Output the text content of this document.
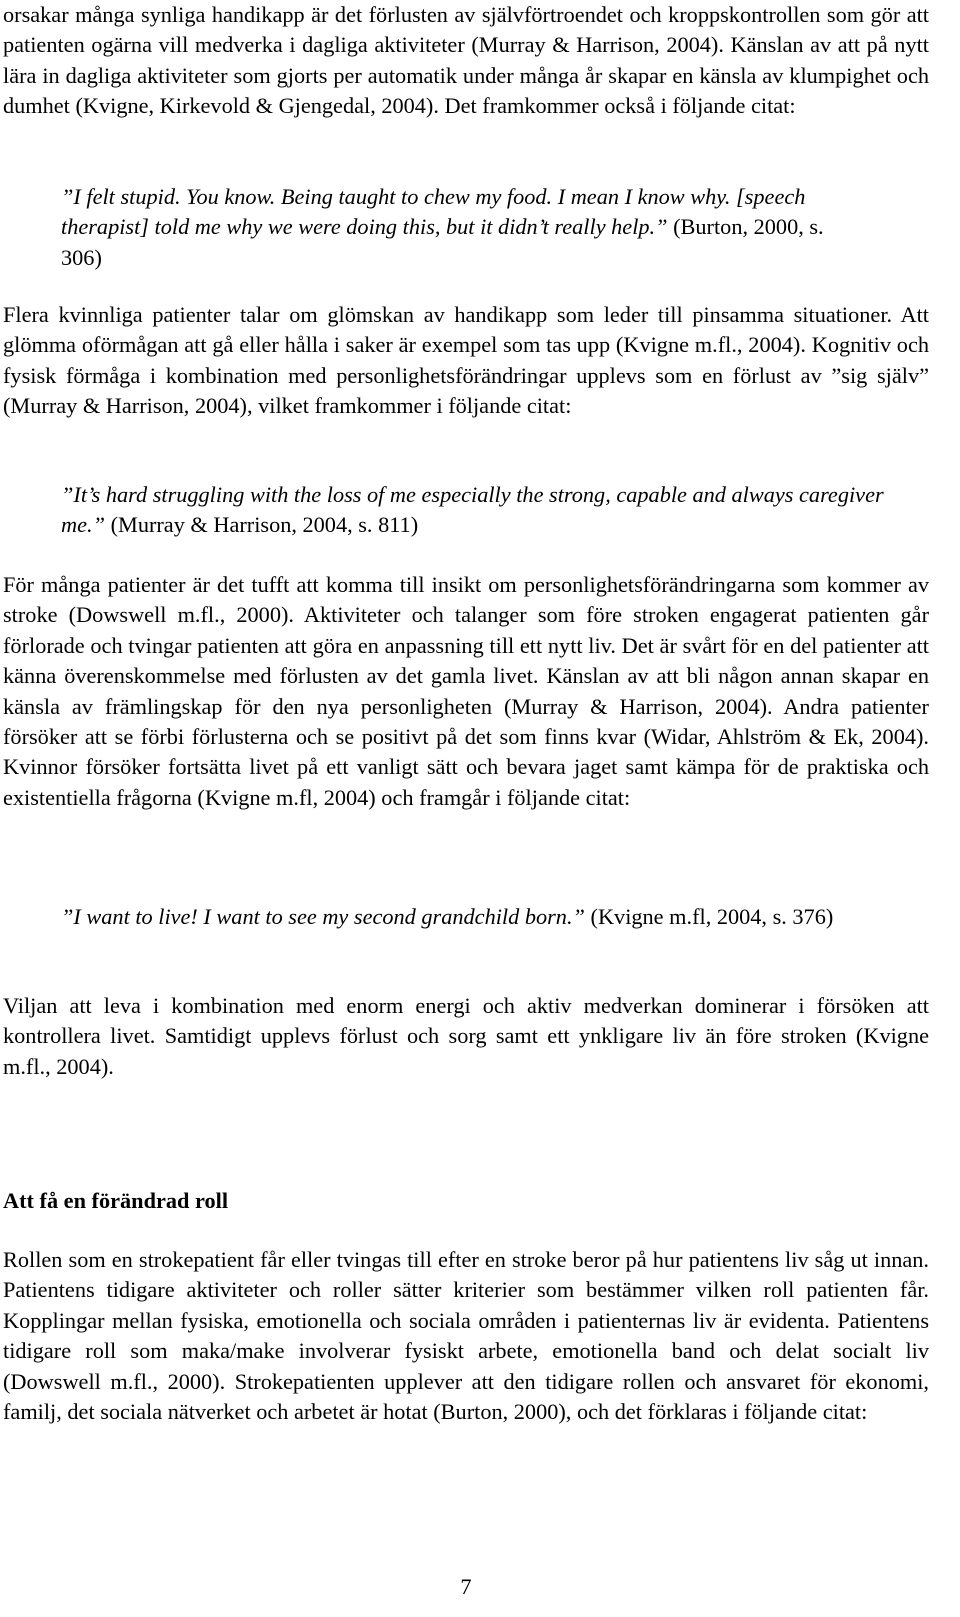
orsakar många synliga handikapp är det förlusten av självförtroendet och kroppskontrollen som gör att patienten ogärna vill medverka i dagliga aktiviteter (Murray & Harrison, 2004). Känslan av att på nytt lära in dagliga aktiviteter som gjorts per automatik under många år skapar en känsla av klumpighet och dumhet (Kvigne, Kirkevold & Gjengedal, 2004). Det framkommer också i följande citat:

”I felt stupid. You know. Being taught to chew my food. I mean I know why. [speech therapist] told me why we were doing this, but it didn’t really help.” (Burton, 2000, s. 306)

Flera kvinnliga patienter talar om glömskan av handikapp som leder till pinsamma situationer. Att glömma oförmågan att gå eller hålla i saker är exempel som tas upp (Kvigne m.fl., 2004). Kognitiv och fysisk förmåga i kombination med personlighetsförändringar upplevs som en förlust av ”sig själv” (Murray & Harrison, 2004), vilket framkommer i följande citat:

”It’s hard struggling with the loss of me especially the strong, capable and always caregiver me.” (Murray & Harrison, 2004, s. 811)

För många patienter är det tufft att komma till insikt om personlighetsförändringarna som kommer av stroke (Dowswell m.fl., 2000). Aktiviteter och talanger som före stroken engagerat patienten går förlorade och tvingar patienten att göra en anpassning till ett nytt liv. Det är svårt för en del patienter att känna överenskommelse med förlusten av det gamla livet. Känslan av att bli någon annan skapar en känsla av främlingskap för den nya personligheten (Murray & Harrison, 2004). Andra patienter försöker att se förbi förlusterna och se positivt på det som finns kvar (Widar, Ahlström & Ek, 2004). Kvinnor försöker fortsätta livet på ett vanligt sätt och bevara jaget samt kämpa för de praktiska och existentiella frågorna (Kvigne m.fl, 2004) och framgår i följande citat:

”I want to live! I want to see my second grandchild born.” (Kvigne m.fl, 2004, s. 376)

Viljan att leva i kombination med enorm energi och aktiv medverkan dominerar i försöken att kontrollera livet. Samtidigt upplevs förlust och sorg samt ett ynkligare liv än före stroken (Kvigne m.fl., 2004).

Att få en förändrad roll

Rollen som en strokepatient får eller tvingas till efter en stroke beror på hur patientens liv såg ut innan. Patientens tidigare aktiviteter och roller sätter kriterier som bestämmer vilken roll patienten får. Kopplingar mellan fysiska, emotionella och sociala områden i patienternas liv är evidenta. Patientens tidigare roll som maka/make involverar fysiskt arbete, emotionella band och delat socialt liv (Dowswell m.fl., 2000). Strokepatienten upplever att den tidigare rollen och ansvaret för ekonomi, familj, det sociala nätverket och arbetet är hotat (Burton, 2000), och det förklaras i följande citat:

7
